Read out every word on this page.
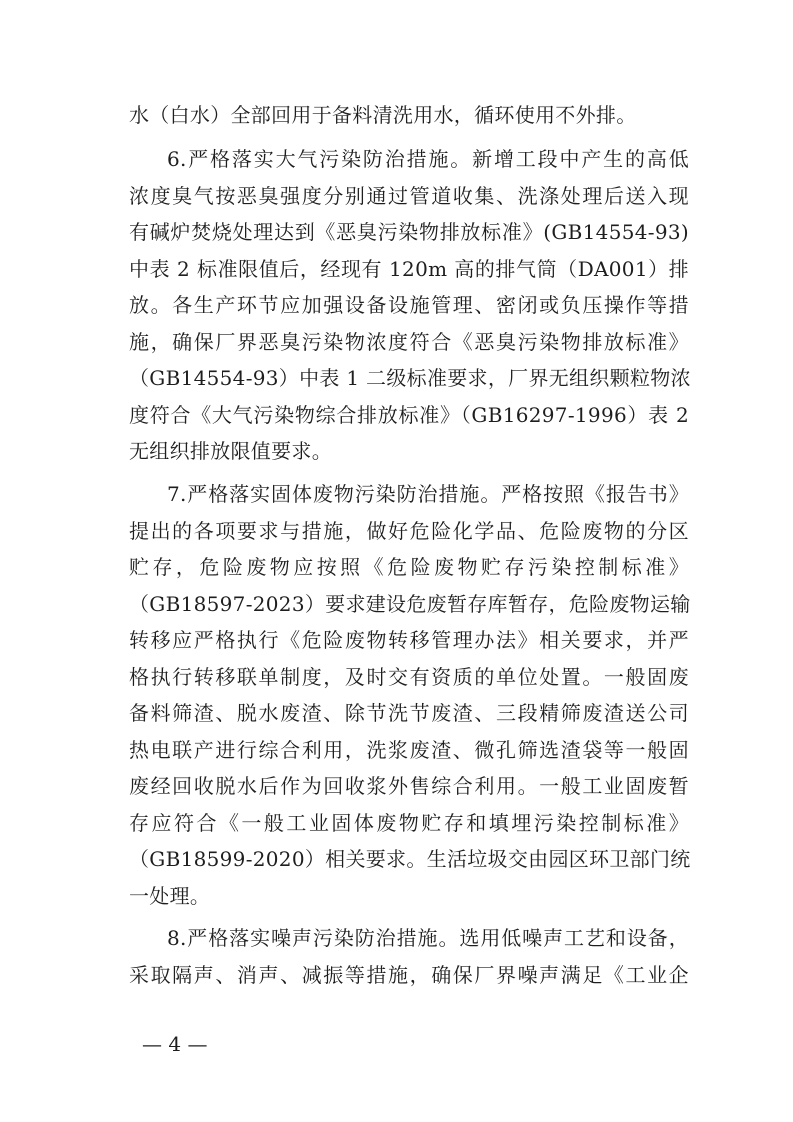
水（白水）全部回用于备料清洗用水，循环使用不外排。
6.严格落实大气污染防治措施。新增工段中产生的高低
浓度臭气按恶臭强度分别通过管道收集、洗涤处理后送入现
有碱炉焚烧处理达到《恶臭污染物排放标准》(GB14554-93)
中表 2 标准限值后，经现有 120m 高的排气筒（DA001）排
放。各生产环节应加强设备设施管理、密闭或负压操作等措
施，确保厂界恶臭污染物浓度符合《恶臭污染物排放标准》
（GB14554-93）中表 1 二级标准要求，厂界无组织颗粒物浓
度符合《大气污染物综合排放标准》（GB16297-1996）表 2
无组织排放限值要求。
7.严格落实固体废物污染防治措施。严格按照《报告书》
提出的各项要求与措施，做好危险化学品、危险废物的分区
贮存，危险废物应按照《危险废物贮存污染控制标准》
（GB18597-2023）要求建设危废暂存库暂存，危险废物运输
转移应严格执行《危险废物转移管理办法》相关要求，并严
格执行转移联单制度，及时交有资质的单位处置。一般固废
备料筛渣、脱水废渣、除节洗节废渣、三段精筛废渣送公司
热电联产进行综合利用，洗浆废渣、微孔筛选渣袋等一般固
废经回收脱水后作为回收浆外售综合利用。一般工业固废暂
存应符合《一般工业固体废物贮存和填埋污染控制标准》
（GB18599-2020）相关要求。生活垃圾交由园区环卫部门统
一处理。
8.严格落实噪声污染防治措施。选用低噪声工艺和设备，
采取隔声、消声、减振等措施，确保厂界噪声满足《工业企
— 4 —
